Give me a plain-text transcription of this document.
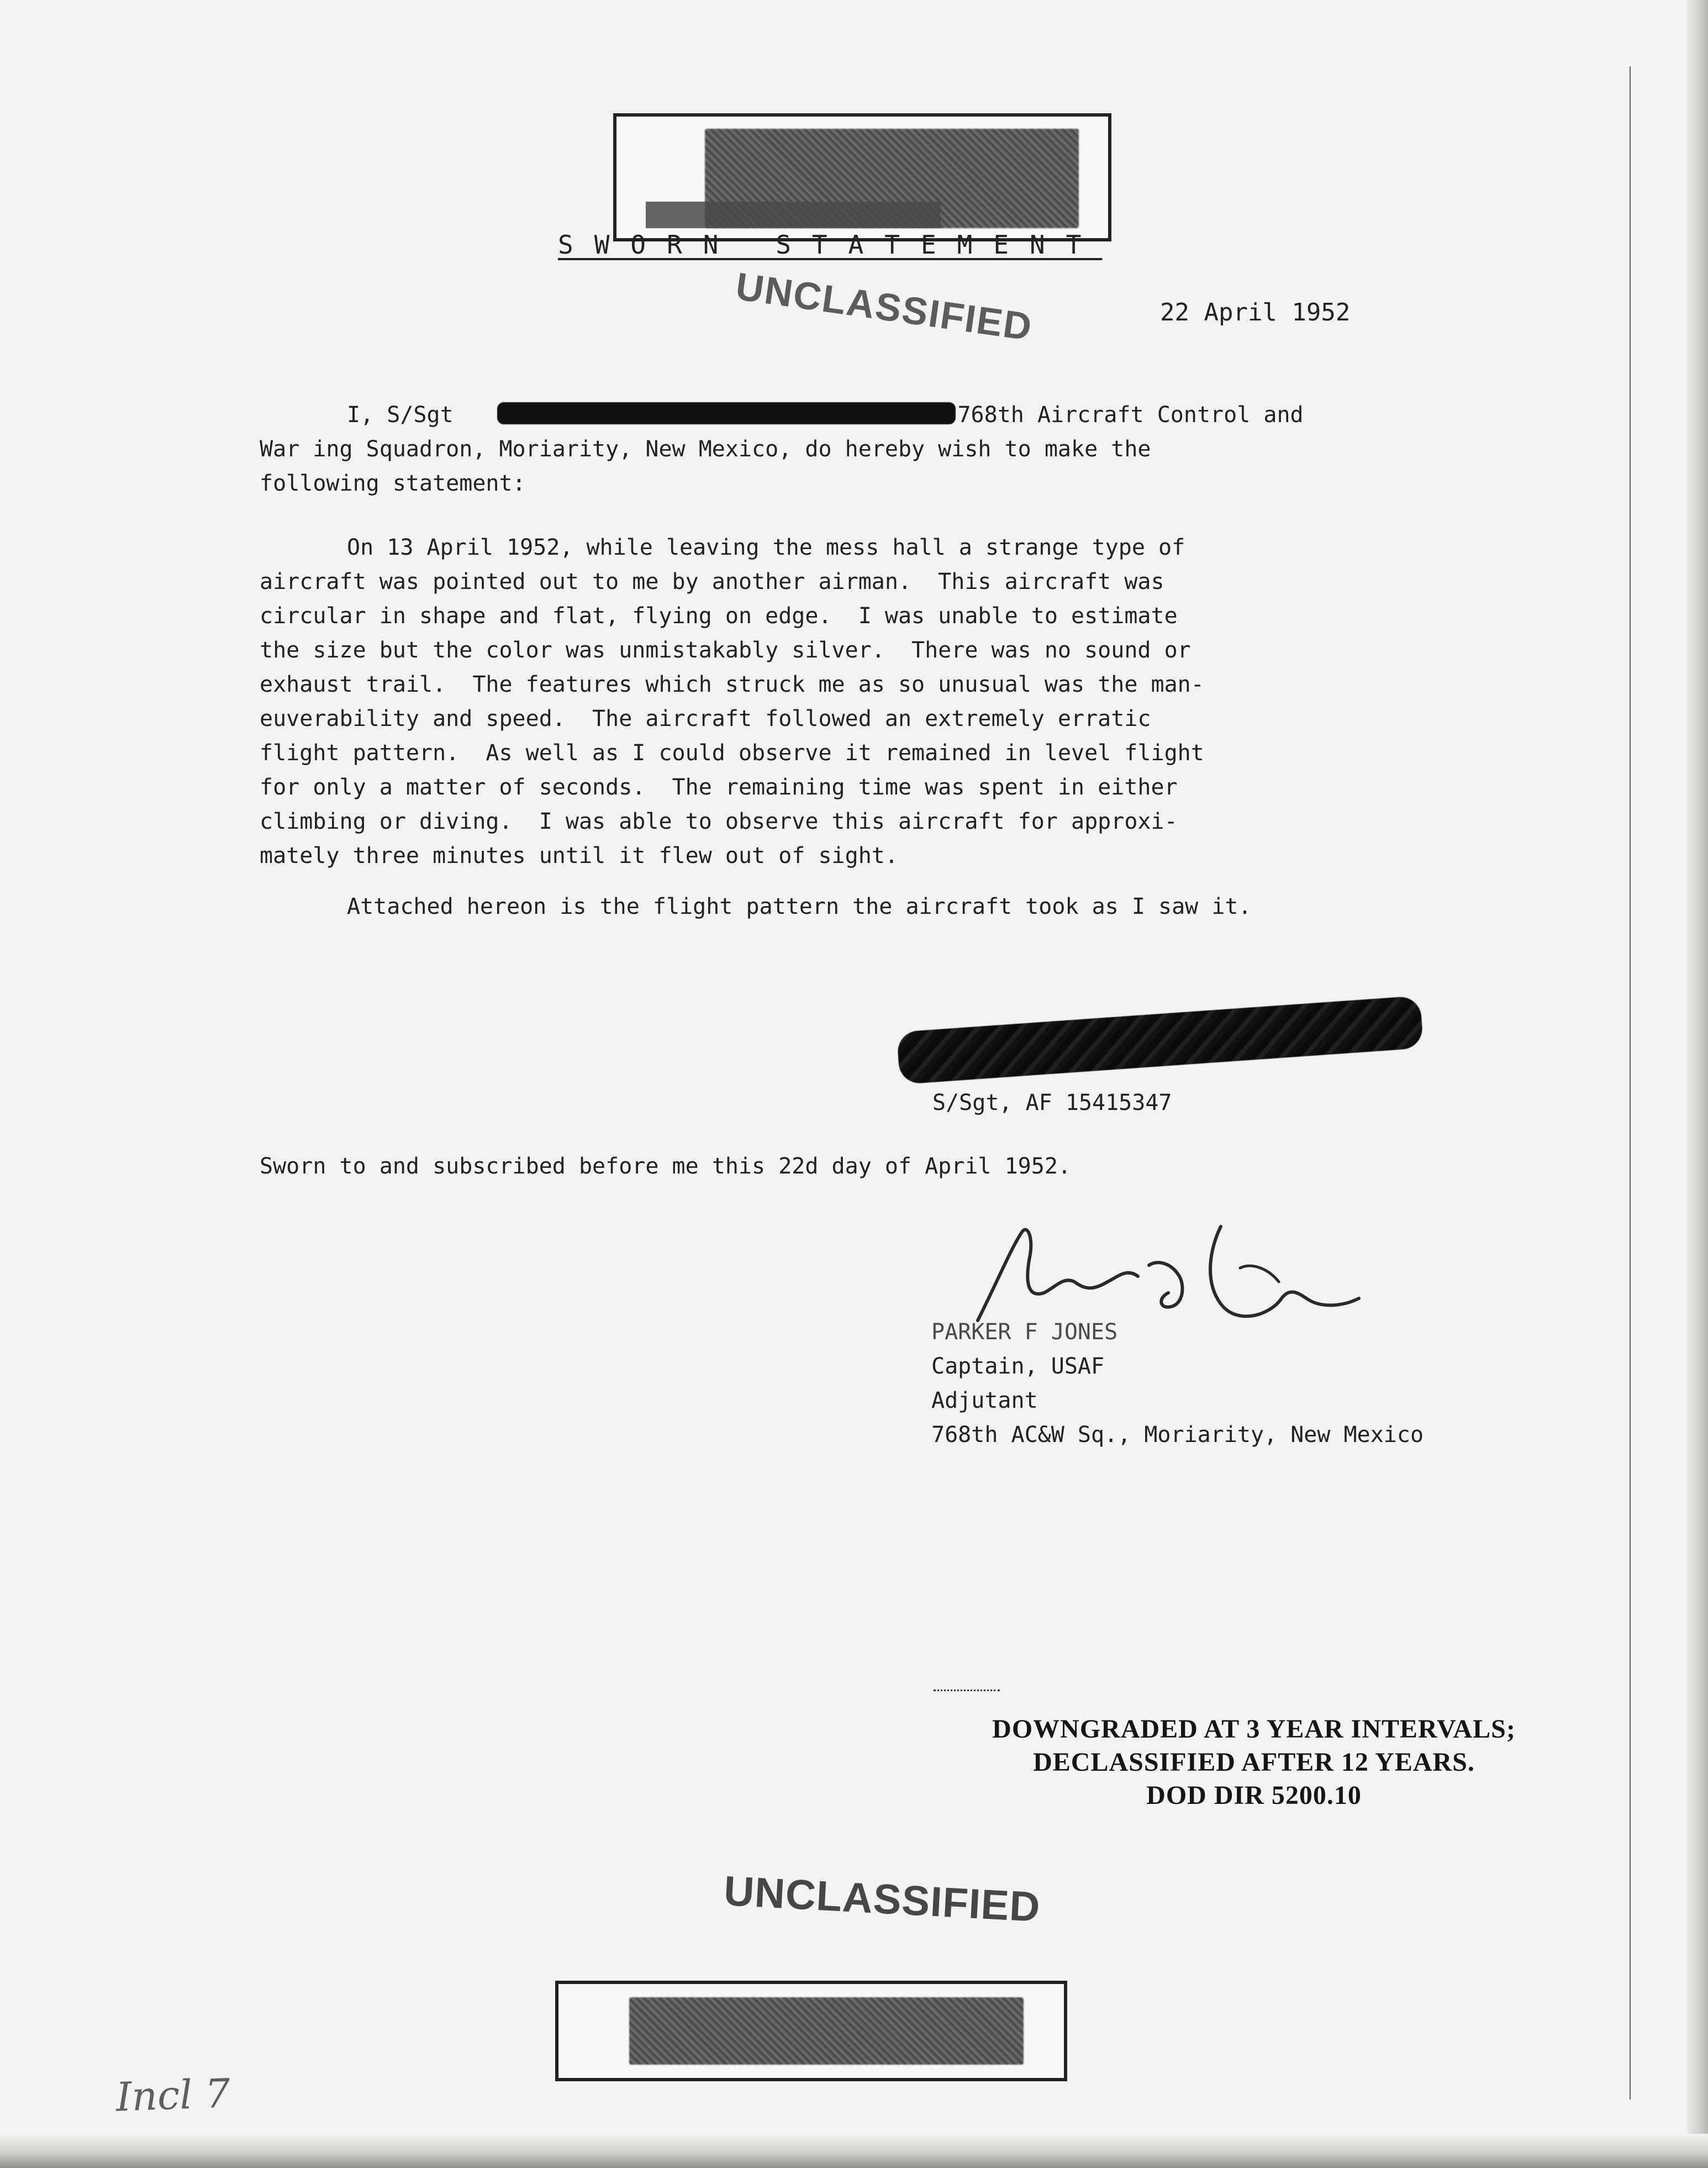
SWORN STATEMENT
UNCLASSIFIED	22 April 1952
I, S/Sgt	768th Aircraft Control and
War ing Squadron, Moriarity, New Mexico, do hereby wish to make the
following statement:
On 13 April 1952, while leaving the mess hall a strange type of
aircraft was pointed out to me by another airman.  This aircraft was
circular in shape and flat, flying on edge.  I was unable to estimate
the size but the color was unmistakably silver.  There was no sound or
exhaust trail.  The features which struck me as so unusual was the man-
euverability and speed.  The aircraft followed an extremely erratic
flight pattern.  As well as I could observe it remained in level flight
for only a matter of seconds.  The remaining time was spent in either
climbing or diving.  I was able to observe this aircraft for approxi-
mately three minutes until it flew out of sight.
Attached hereon is the flight pattern the aircraft took as I saw it.
S/Sgt, AF 15415347
Sworn to and subscribed before me this 22d day of April 1952.
PARKER F JONES
Captain, USAF
Adjutant
768th AC&W Sq., Moriarity, New Mexico
DOWNGRADED AT 3 YEAR INTERVALS;
DECLASSIFIED AFTER 12 YEARS.
DOD DIR 5200.10
UNCLASSIFIED
Incl 7
